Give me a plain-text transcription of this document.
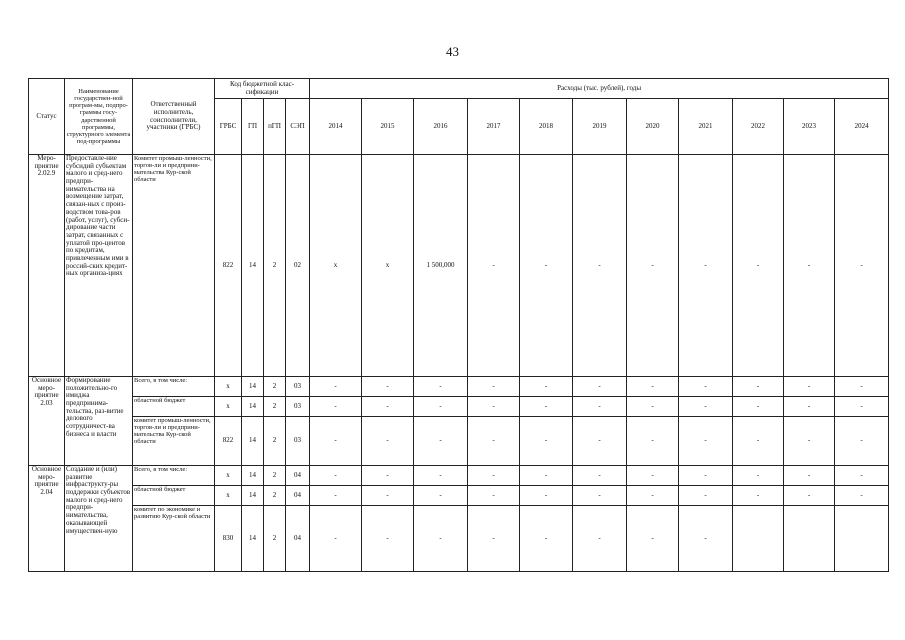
43
Статус	Наименование государствен-ной програм-мы, подпро-граммы госу-дарственной программы, структурного элемента под-программы	Ответственный исполнитель, соисполнители, участники (ГРБС)	Код бюджетной клас-сификации				Расходы (тыс. рублей), годы										
			ГРБС	ГП	пГП	СЭП	2014	2015	2016	2017	2018	2019	2020	2021	2022	2023	2024
Меро-приятие 2.02.9	Предоставле-ние субсидий субъектам малого и сред-него предпри-нимательства на возмещение затрат, связан-ных с произ-водством това-ров (работ, услуг), субси-дирование части затрат, связанных с уплатой про-центов по кредитам, привлеченным ими в россий-ских кредит-ных организа-циях	Комитет промыш-ленности, торгов-ли и предприни-мательства Кур-ской области	822	14	2	02	x	x	1 500,000	-	-	-	-	-	-	-	-
Основное меро-приятие 2.03	Формирование положительно-го имиджа предпринима-тельства, раз-витие делового сотрудничест-ва бизнеса и власти	Всего, в том числе:	x	14	2	03	-	-	-	-	-	-	-	-	-	-	-
		областной бюджет	x	14	2	03	-	-	-	-	-	-	-	-	-	-	-
		комитет промыш-ленности, торгов-ли и предприни-мательства Кур-ской области	822	14	2	03	-	-	-	-	-	-	-	-	-	-	-
Основное меро-приятие 2.04	Создание и (или) развитие инфраструкту-ры поддержки субъектов малого и сред-него предпри-нимательства, оказывающей имуществен-ную	Всего, в том числе:	x	14	2	04	-	-	-	-	-	-	-	-	-	-	-
		областной бюджет	x	14	2	04	-	-	-	-	-	-	-	-	-	-	-
		комитет по экономике и развитию Кур-ской области	830	14	2	04	-	-	-	-	-	-	-	-			
